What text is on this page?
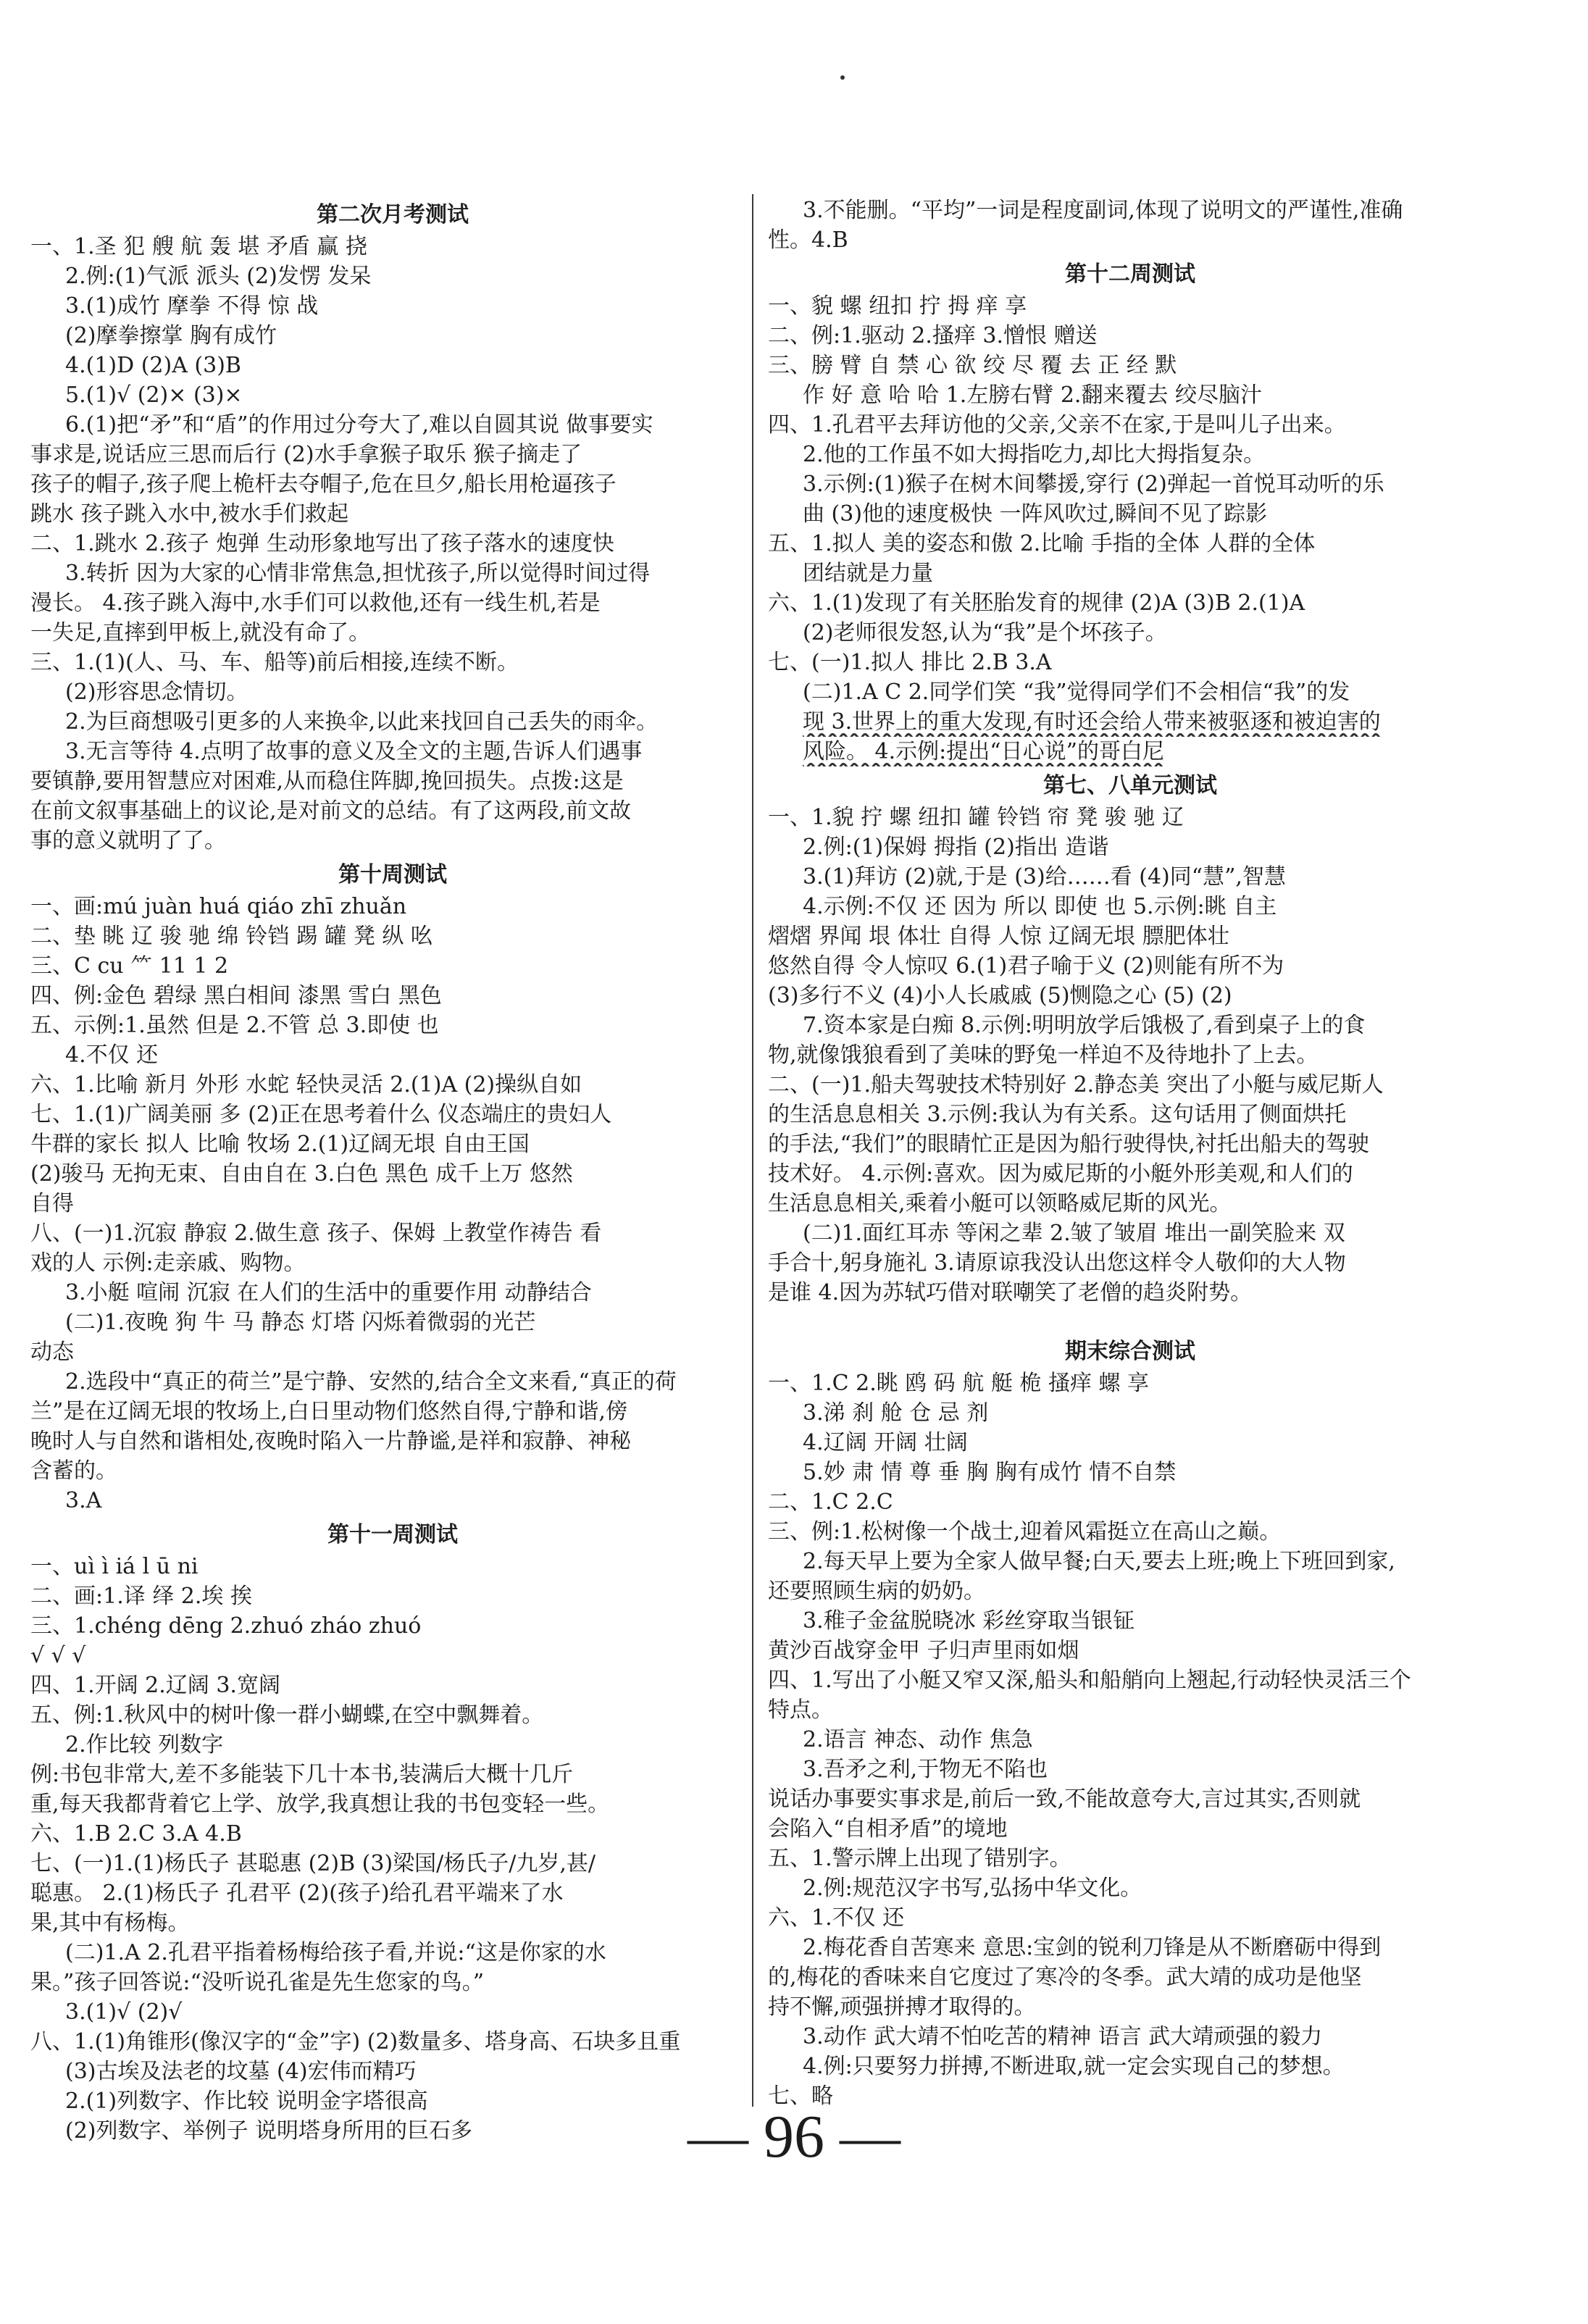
第二次月考测试
一、1.圣 犯 艘 航 轰 堪 矛盾 赢 挠
2.例:(1)气派 派头 (2)发愣 发呆
3.(1)成竹 摩拳 不得 惊 战
(2)摩拳擦掌 胸有成竹
4.(1)D (2)A (3)B
5.(1)√ (2)× (3)×
6.(1)把“矛”和“盾”的作用过分夸大了,难以自圆其说 做事要实
事求是,说话应三思而后行 (2)水手拿猴子取乐 猴子摘走了
孩子的帽子,孩子爬上桅杆去夺帽子,危在旦夕,船长用枪逼孩子
跳水 孩子跳入水中,被水手们救起
二、1.跳水 2.孩子 炮弹 生动形象地写出了孩子落水的速度快
3.转折 因为大家的心情非常焦急,担忧孩子,所以觉得时间过得
漫长。 4.孩子跳入海中,水手们可以救他,还有一线生机,若是
一失足,直摔到甲板上,就没有命了。
三、1.(1)(人、马、车、船等)前后相接,连续不断。
(2)形容思念情切。
2.为巨商想吸引更多的人来换伞,以此来找回自己丢失的雨伞。
3.无言等待 4.点明了故事的意义及全文的主题,告诉人们遇事
要镇静,要用智慧应对困难,从而稳住阵脚,挽回损失。点拨:这是
在前文叙事基础上的议论,是对前文的总结。有了这两段,前文故
事的意义就明了了。
第十周测试
一、画:mú juàn huá qiáo zhī zhuǎn
二、垫 眺 辽 骏 驰 绵 铃铛 踢 罐 凳 纵 吆
三、C cu ⺮ 11 1 2
四、例:金色 碧绿 黑白相间 漆黑 雪白 黑色
五、示例:1.虽然 但是 2.不管 总 3.即使 也
4.不仅 还
六、1.比喻 新月 外形 水蛇 轻快灵活 2.(1)A (2)操纵自如
七、1.(1)广阔美丽 多 (2)正在思考着什么 仪态端庄的贵妇人
牛群的家长 拟人 比喻 牧场 2.(1)辽阔无垠 自由王国
(2)骏马 无拘无束、自由自在 3.白色 黑色 成千上万 悠然
自得
八、(一)1.沉寂 静寂 2.做生意 孩子、保姆 上教堂作祷告 看
戏的人 示例:走亲戚、购物。
3.小艇 喧闹 沉寂 在人们的生活中的重要作用 动静结合
(二)1.夜晚 狗 牛 马 静态 灯塔 闪烁着微弱的光芒
动态
2.选段中“真正的荷兰”是宁静、安然的,结合全文来看,“真正的荷
兰”是在辽阔无垠的牧场上,白日里动物们悠然自得,宁静和谐,傍
晚时人与自然和谐相处,夜晚时陷入一片静谧,是祥和寂静、神秘
含蓄的。
3.A
第十一周测试
一、uì ì iá l ū ni
二、画:1.译 绎 2.埃 挨
三、1.chéng dēng 2.zhuó zháo zhuó
√ √ √
四、1.开阔 2.辽阔 3.宽阔
五、例:1.秋风中的树叶像一群小蝴蝶,在空中飘舞着。
2.作比较 列数字
例:书包非常大,差不多能装下几十本书,装满后大概十几斤
重,每天我都背着它上学、放学,我真想让我的书包变轻一些。
六、1.B 2.C 3.A 4.B
七、(一)1.(1)杨氏子 甚聪惠 (2)B (3)梁国/杨氏子/九岁,甚/
聪惠。 2.(1)杨氏子 孔君平 (2)(孩子)给孔君平端来了水
果,其中有杨梅。
(二)1.A 2.孔君平指着杨梅给孩子看,并说:“这是你家的水
果。”孩子回答说:“没听说孔雀是先生您家的鸟。”
3.(1)√ (2)√
八、1.(1)角锥形(像汉字的“金”字) (2)数量多、塔身高、石块多且重
(3)古埃及法老的坟墓 (4)宏伟而精巧
2.(1)列数字、作比较 说明金字塔很高
(2)列数字、举例子 说明塔身所用的巨石多
3.不能删。“平均”一词是程度副词,体现了说明文的严谨性,准确
性。4.B
第十二周测试
一、貌 螺 纽扣 拧 拇 痒 享
二、例:1.驱动 2.搔痒 3.憎恨 赠送
三、膀 臂 自 禁 心 欲 绞 尽 覆 去 正 经 默
作 好 意 哈 哈 1.左膀右臂 2.翻来覆去 绞尽脑汁
四、1.孔君平去拜访他的父亲,父亲不在家,于是叫儿子出来。
2.他的工作虽不如大拇指吃力,却比大拇指复杂。
3.示例:(1)猴子在树木间攀援,穿行 (2)弹起一首悦耳动听的乐
曲 (3)他的速度极快 一阵风吹过,瞬间不见了踪影
五、1.拟人 美的姿态和傲 2.比喻 手指的全体 人群的全体
团结就是力量
六、1.(1)发现了有关胚胎发育的规律 (2)A (3)B 2.(1)A
(2)老师很发怒,认为“我”是个坏孩子。
七、(一)1.拟人 排比 2.B 3.A
(二)1.A C 2.同学们笑 “我”觉得同学们不会相信“我”的发
现 3.世界上的重大发现,有时还会给人带来被驱逐和被迫害的
风险。 4.示例:提出“日心说”的哥白尼
第七、八单元测试
一、1.貌 拧 螺 纽扣 罐 铃铛 帘 凳 骏 驰 辽
2.例:(1)保姆 拇指 (2)指出 造谐
3.(1)拜访 (2)就,于是 (3)给……看 (4)同“慧”,智慧
4.示例:不仅 还 因为 所以 即使 也 5.示例:眺 自主
熠熠 界闻 垠 体壮 自得 人惊 辽阔无垠 膘肥体壮
悠然自得 令人惊叹 6.(1)君子喻于义 (2)则能有所不为
(3)多行不义 (4)小人长戚戚 (5)恻隐之心 (5) (2)
7.资本家是白痴 8.示例:明明放学后饿极了,看到桌子上的食
物,就像饿狼看到了美味的野兔一样迫不及待地扑了上去。
二、(一)1.船夫驾驶技术特别好 2.静态美 突出了小艇与威尼斯人
的生活息息相关 3.示例:我认为有关系。这句话用了侧面烘托
的手法,“我们”的眼睛忙正是因为船行驶得快,衬托出船夫的驾驶
技术好。 4.示例:喜欢。因为威尼斯的小艇外形美观,和人们的
生活息息相关,乘着小艇可以领略威尼斯的风光。
(二)1.面红耳赤 等闲之辈 2.皱了皱眉 堆出一副笑脸来 双
手合十,躬身施礼 3.请原谅我没认出您这样令人敬仰的大人物
是谁 4.因为苏轼巧借对联嘲笑了老僧的趋炎附势。
期末综合测试
一、1.C 2.眺 鸥 码 航 艇 桅 搔痒 螺 享
3.涕 刹 舱 仓 忌 剂
4.辽阔 开阔 壮阔
5.妙 肃 情 尊 垂 胸 胸有成竹 情不自禁
二、1.C 2.C
三、例:1.松树像一个战士,迎着风霜挺立在高山之巅。
2.每天早上要为全家人做早餐;白天,要去上班;晚上下班回到家,
还要照顾生病的奶奶。
3.稚子金盆脱晓冰 彩丝穿取当银钲
黄沙百战穿金甲 子归声里雨如烟
四、1.写出了小艇又窄又深,船头和船艄向上翘起,行动轻快灵活三个
特点。
2.语言 神态、动作 焦急
3.吾矛之利,于物无不陷也
说话办事要实事求是,前后一致,不能故意夸大,言过其实,否则就
会陷入“自相矛盾”的境地
五、1.警示牌上出现了错别字。
2.例:规范汉字书写,弘扬中华文化。
六、1.不仅 还
2.梅花香自苦寒来 意思:宝剑的锐利刀锋是从不断磨砺中得到
的,梅花的香味来自它度过了寒冷的冬季。武大靖的成功是他坚
持不懈,顽强拼搏才取得的。
3.动作 武大靖不怕吃苦的精神 语言 武大靖顽强的毅力
4.例:只要努力拼搏,不断进取,就一定会实现自己的梦想。
七、略
— 96 —
